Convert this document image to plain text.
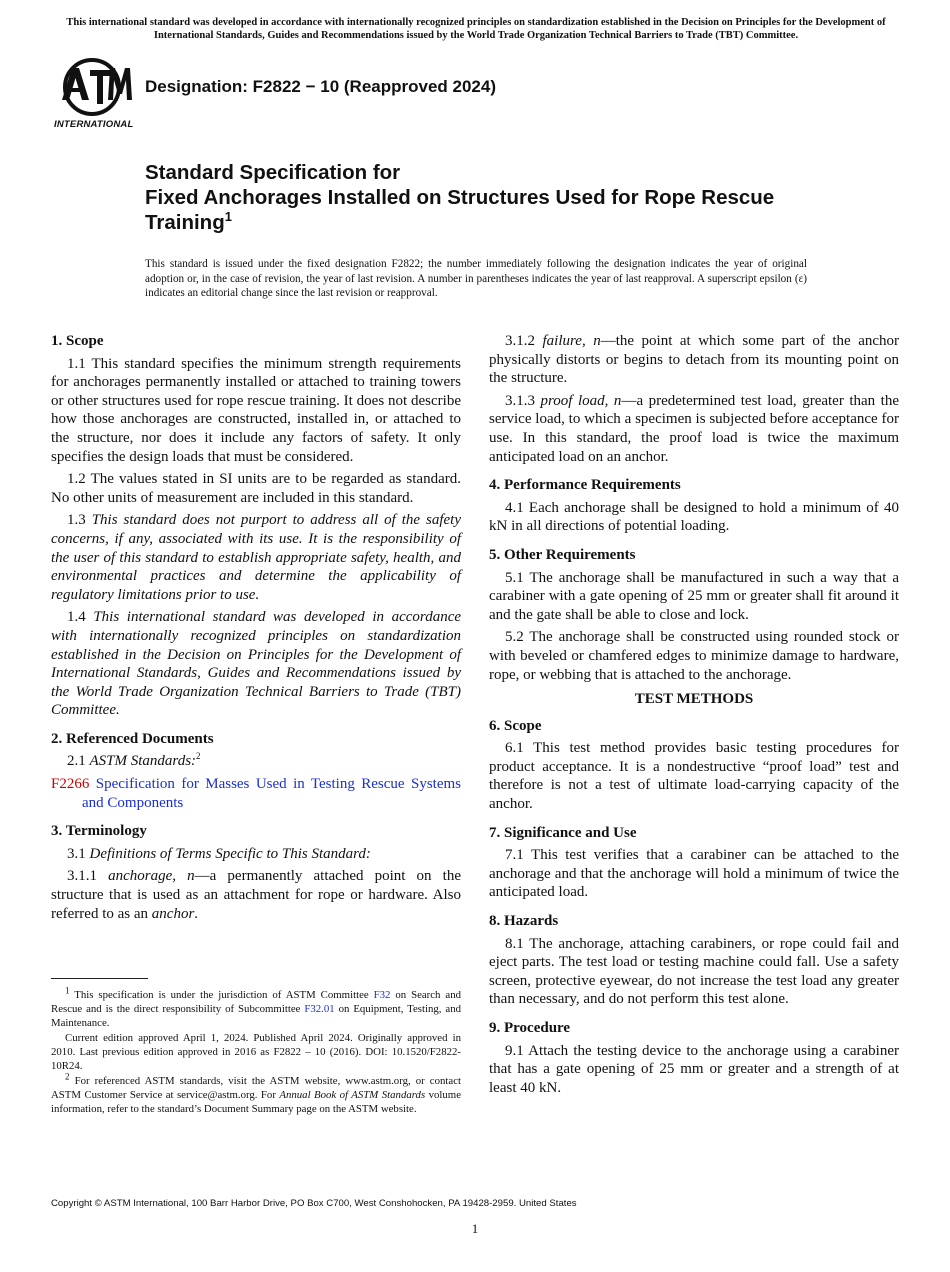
This international standard was developed in accordance with internationally recognized principles on standardization established in the Decision on Principles for the Development of International Standards, Guides and Recommendations issued by the World Trade Organization Technical Barriers to Trade (TBT) Committee.
INTERNATIONAL
Designation: F2822 − 10 (Reapproved 2024)
Standard Specification for
Fixed Anchorages Installed on Structures Used for Rope Rescue Training$^1$
This standard is issued under the fixed designation F2822; the number immediately following the designation indicates the year of original adoption or, in the case of revision, the year of last revision. A number in parentheses indicates the year of last reapproval. A superscript epsilon (ε) indicates an editorial change since the last revision or reapproval.
1. Scope

1.1 This standard specifies the minimum strength requirements for anchorages permanently installed or attached to training towers or other structures used for rope rescue training. It does not describe how those anchorages are constructed, installed in, or attached to the structure, nor does it include any factors of safety. It only specifies the design loads that must be considered.

1.2 The values stated in SI units are to be regarded as standard. No other units of measurement are included in this standard.

1.3 This standard does not purport to address all of the safety concerns, if any, associated with its use. It is the responsibility of the user of this standard to establish appropriate safety, health, and environmental practices and determine the applicability of regulatory limitations prior to use.

1.4 This international standard was developed in accordance with internationally recognized principles on standardization established in the Decision on Principles for the Development of International Standards, Guides and Recommendations issued by the World Trade Organization Technical Barriers to Trade (TBT) Committee.

2. Referenced Documents

2.1 ASTM Standards:$^2$

F2266 Specification for Masses Used in Testing Rescue Systems and Components

3. Terminology

3.1 Definitions of Terms Specific to This Standard:

3.1.1 anchorage, n—a permanently attached point on the structure that is used as an attachment for rope or hardware. Also referred to as an anchor.

3.1.2 failure, n—the point at which some part of the anchor physically distorts or begins to detach from its mounting point on the structure.

3.1.3 proof load, n—a predetermined test load, greater than the service load, to which a specimen is subjected before acceptance for use. In this standard, the proof load is twice the maximum anticipated load on an anchor.

4. Performance Requirements

4.1 Each anchorage shall be designed to hold a minimum of 40 kN in all directions of potential loading.

5. Other Requirements

5.1 The anchorage shall be manufactured in such a way that a carabiner with a gate opening of 25 mm or greater shall fit around it and the gate shall be able to close and lock.

5.2 The anchorage shall be constructed using rounded stock or with beveled or chamfered edges to minimize damage to hardware, rope, or webbing that is attached to the anchorage.

TEST METHODS
6. Scope

6.1 This test method provides basic testing procedures for product acceptance. It is a nondestructive “proof load” test and therefore is not a test of ultimate load-carrying capacity of the anchor.

7. Significance and Use

7.1 This test verifies that a carabiner can be attached to the anchorage and that the anchorage will hold a minimum of twice the anticipated load.

8. Hazards

8.1 The anchorage, attaching carabiners, or rope could fail and eject parts. The test load or testing machine could fall. Use a safety screen, protective eyewear, do not increase the test load any greater than necessary, and do not perform this test alone.

9. Procedure

9.1 Attach the testing device to the anchorage using a carabiner that has a gate opening of 25 mm or greater and a strength of at least 40 kN.

$^1$ This specification is under the jurisdiction of ASTM Committee F32 on Search and Rescue and is the direct responsibility of Subcommittee F32.01 on Equipment, Testing, and Maintenance.

Current edition approved April 1, 2024. Published April 2024. Originally approved in 2010. Last previous edition approved in 2016 as F2822 – 10 (2016). DOI: 10.1520/F2822-10R24.

$^2$ For referenced ASTM standards, visit the ASTM website, www.astm.org, or contact ASTM Customer Service at service@astm.org. For Annual Book of ASTM Standards volume information, refer to the standard’s Document Summary page on the ASTM website.

Copyright © ASTM International, 100 Barr Harbor Drive, PO Box C700, West Conshohocken, PA 19428-2959. United States
1
